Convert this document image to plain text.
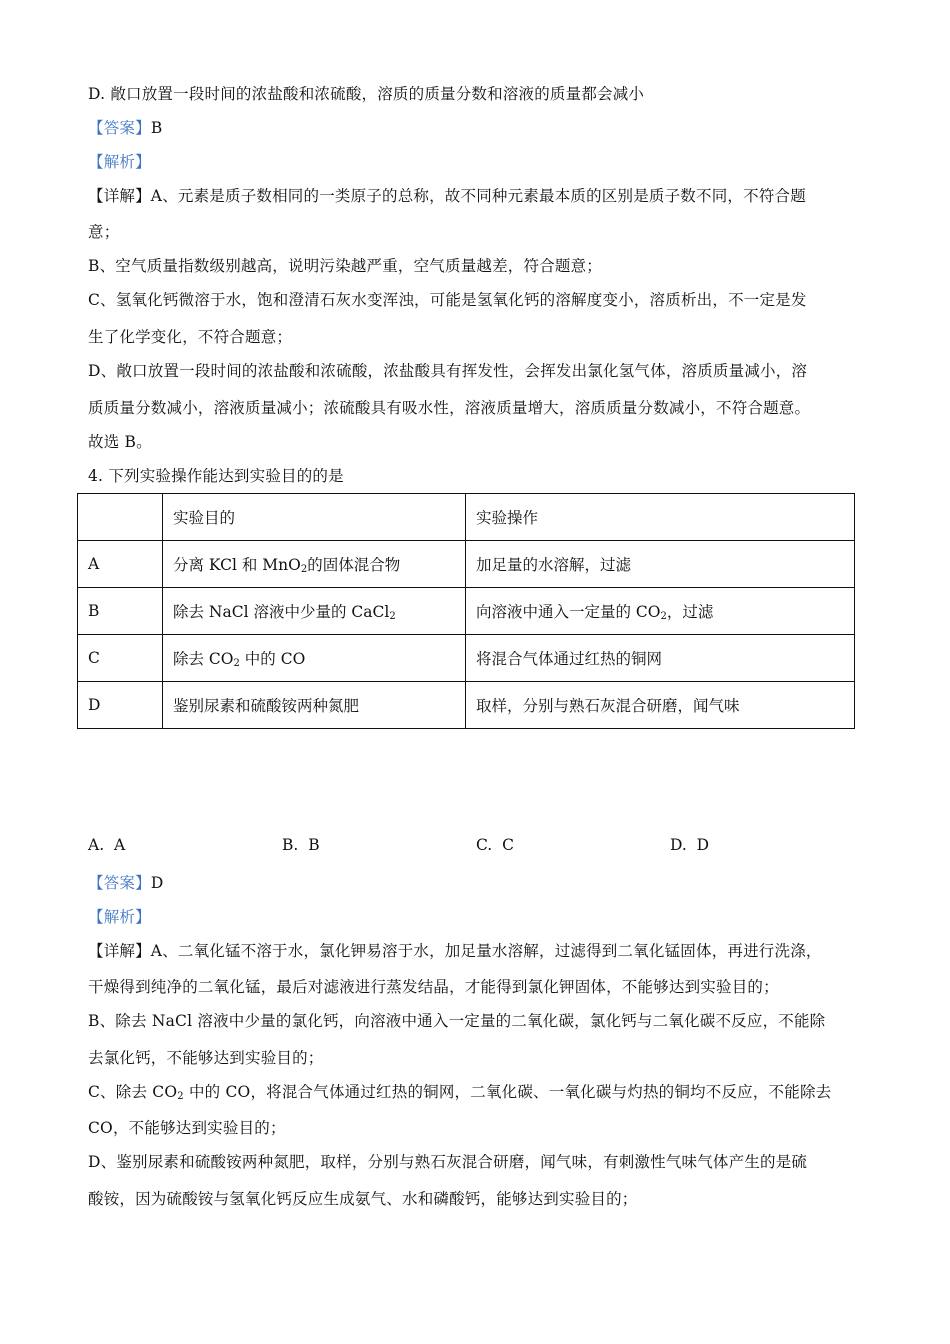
D. 敞口放置一段时间的浓盐酸和浓硫酸，溶质的质量分数和溶液的质量都会减小
【答案】B
【解析】
【详解】A、元素是质子数相同的一类原子的总称，故不同种元素最本质的区别是质子数不同，不符合题
意；
B、空气质量指数级别越高，说明污染越严重，空气质量越差，符合题意；
C、氢氧化钙微溶于水，饱和澄清石灰水变浑浊，可能是氢氧化钙的溶解度变小，溶质析出，不一定是发
生了化学变化，不符合题意；
D、敞口放置一段时间的浓盐酸和浓硫酸，浓盐酸具有挥发性，会挥发出氯化氢气体，溶质质量减小，溶
质质量分数减小，溶液质量减小；浓硫酸具有吸水性，溶液质量增大，溶质质量分数减小，不符合题意。
故选 B。
4. 下列实验操作能达到实验目的的是
	实验目的	实验操作
A	分离 KCl 和 MnO$_2$的固体混合物	加足量的水溶解，过滤
B	除去 NaCl 溶液中少量的 CaCl$_2$	向溶液中通入一定量的 $CO_2$，过滤
C	除去 $CO_2$ 中的 CO	将混合气体通过红热的铜网
D	鉴别尿素和硫酸铵两种氮肥	取样，分别与熟石灰混合研磨，闻气味
A. A	B. B	C. C	D. D
【答案】D
【解析】
【详解】A、二氧化锰不溶于水，氯化钾易溶于水，加足量水溶解，过滤得到二氧化锰固体，再进行洗涤，
干燥得到纯净的二氧化锰，最后对滤液进行蒸发结晶，才能得到氯化钾固体，不能够达到实验目的；
B、除去 NaCl 溶液中少量的氯化钙，向溶液中通入一定量的二氧化碳，氯化钙与二氧化碳不反应，不能除
去氯化钙，不能够达到实验目的；
C、除去 $CO_2$ 中的 CO，将混合气体通过红热的铜网，二氧化碳、一氧化碳与灼热的铜均不反应，不能除去
CO，不能够达到实验目的；
D、鉴别尿素和硫酸铵两种氮肥，取样，分别与熟石灰混合研磨，闻气味，有刺激性气味气体产生的是硫
酸铵，因为硫酸铵与氢氧化钙反应生成氨气、水和磷酸钙，能够达到实验目的；
